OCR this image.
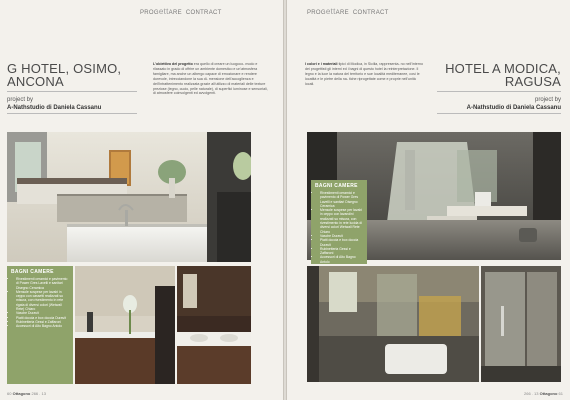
PROGettARE CONTRACT
G HOTEL, OSIMO, ANCONA
project by
A-Nathstudio di Daniela Cassanu
L'obiettivo del progetto era quello di creare un luogoco- modo e rilassato in grado di offrire un ambiente domestico e un'atmosfera famigliare, ma anche un albergo capace di emozionare e rendere durevole, intrecciandone la sua di- mensione dell'accoglienza e dell'intrattenimento realizzata grazie all'utilizzo di materiali delle texture preziose (legno, cuoio, pelle naturale), di superfici luminose e sensoriali, di atmosfere coinvolgenti ed avvolgenti.
BAGNI CAMERE
• Rivestimenti ceramici e pavimento di Power Gres Lavelli e sanitari Disegno Ceramica
• Mensole sospese per lavabi in ceppo con cassetti realizzati su misura, con rivestimento in rete rigata di diversi colori (Wetwall Rete) Chiaro
• Vasche Duravit
• Piatti doccia e box doccia Duravit
• Rubinetteria Gessi e Zaffaroni
• Accessori di Alto Bagno Antolo
60 Ottagono 266 . 13
PROGettARE CONTRACT
I colori e i materiali tipici di Modica, in Sicilia, rappresenta- no nell'interno dei progettisti gli interni ed i bagni di questo hotel la reinterpretazione. Il legno e la luce la natura del territorio e sue località mediterranee, così le locatità e le pietre della na- tiche riprogettate come e proprie nell'unità locali.
HOTEL A MODICA, RAGUSA
project by
A-Nathstudio di Daniela Cassanu
BAGNI CAMERE
• Rivestimenti ceramici e pavimento di Power Gres Lavelli e sanitari Disegno Ceramica
• Mensole sospese per lavabi in ceppo con lavandini realizzati su misura, con rivestimento in rete lucida di diversi colori Wetwall Rete Chiaro
• Vasche Duravit
• Piatti doccia e box doccia Duravit
• Rubinetteria Gessi e Zaffaroni
• Accessori di Alto Bagno Antolo
266 . 13 Ottagono 61
